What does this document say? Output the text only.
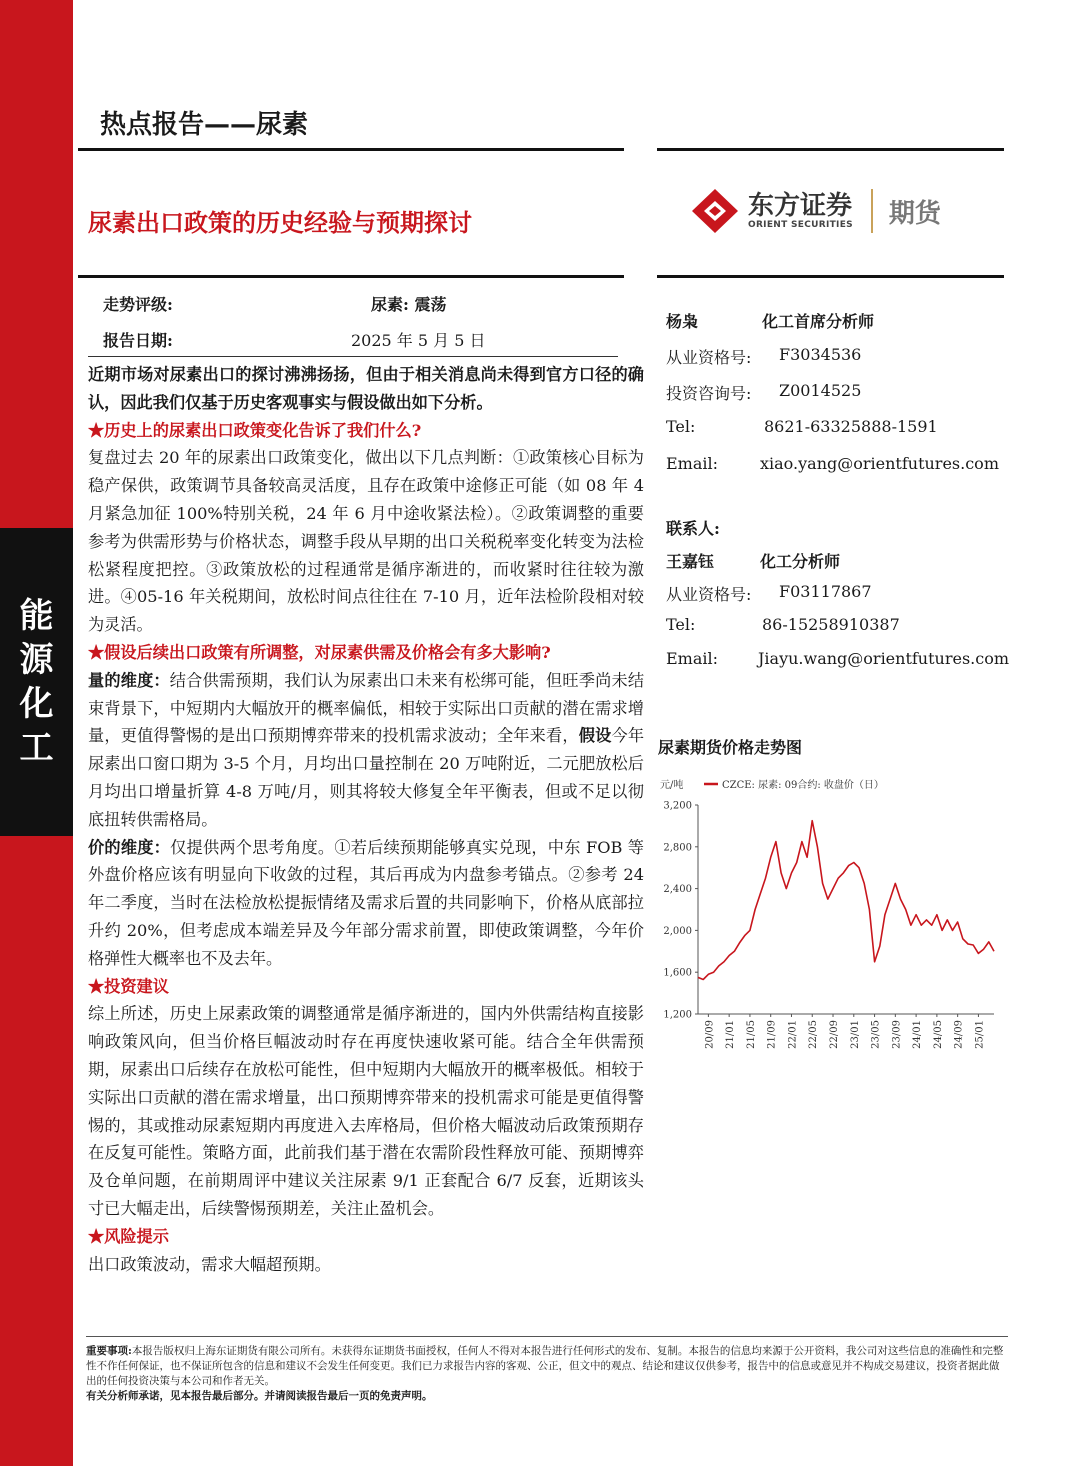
能
源
化
工
热点报告——尿素
尿素出口政策的历史经验与预期探讨
东方证券
ORIENT SECURITIES 期货
走势评级:	尿素: 震荡
报告日期:	2025 年 5 月 5 日

近期市场对尿素出口的探讨沸沸扬扬，但由于相关消息尚未得到官方口径的确认，因此我们仅基于历史客观事实与假设做出如下分析。

★历史上的尿素出口政策变化告诉了我们什么?

复盘过去 20 年的尿素出口政策变化，做出以下几点判断：①政策核心目标为稳产保供，政策调节具备较高灵活度，且存在政策中途修正可能（如 08 年 4 月紧急加征 100%特别关税，24 年 6 月中途收紧法检）。②政策调整的重要参考为供需形势与价格状态，调整手段从早期的出口关税税率变化转变为法检松紧程度把控。③政策放松的过程通常是循序渐进的，而收紧时往往较为激进。④05-16 年关税期间，放松时间点往往在 7-10 月，近年法检阶段相对较为灵活。

★假设后续出口政策有所调整，对尿素供需及价格会有多大影响?

量的维度：结合供需预期，我们认为尿素出口未来有松绑可能，但旺季尚未结束背景下，中短期内大幅放开的概率偏低，相较于实际出口贡献的潜在需求增量，更值得警惕的是出口预期博弈带来的投机需求波动；全年来看，假设今年尿素出口窗口期为 3-5 个月，月均出口量控制在 20 万吨附近，二元肥放松后月均出口增量折算 4-8 万吨/月，则其将较大修复全年平衡表，但或不足以彻底扭转供需格局。

价的维度：仅提供两个思考角度。①若后续预期能够真实兑现，中东 FOB 等外盘价格应该有明显向下收敛的过程，其后再成为内盘参考锚点。②参考 24 年二季度，当时在法检放松提振情绪及需求后置的共同影响下，价格从底部拉升约 20%，但考虑成本端差异及今年部分需求前置，即使政策调整，今年价格弹性大概率也不及去年。

★投资建议

综上所述，历史上尿素政策的调整通常是循序渐进的，国内外供需结构直接影响政策风向，但当价格巨幅波动时存在再度快速收紧可能。结合全年供需预期，尿素出口后续存在放松可能性，但中短期内大幅放开的概率极低。相较于实际出口贡献的潜在需求增量，出口预期博弈带来的投机需求可能是更值得警惕的，其或推动尿素短期内再度进入去库格局，但价格大幅波动后政策预期存在反复可能性。策略方面，此前我们基于潜在农需阶段性释放可能、预期博弈及仓单问题，在前期周评中建议关注尿素 9/1 正套配合 6/7 反套，近期该头寸已大幅走出，后续警惕预期差，关注止盈机会。

★风险提示

出口政策波动，需求大幅超预期。

杨枭	化工首席分析师
从业资格号: F3034536
投资咨询号: Z0014525
Tel:	8621-63325888-1591
Email:	xiao.yang@orientfutures.com
联系人:
王嘉钰	化工分析师
从业资格号: F03117867
Tel:	86-15258910387
Email: Jiayu.wang@orientfutures.com
尿素期货价格走势图
元/吨	CZCE: 尿素: 09合约: 收盘价（日）
1,200
1,600
2,000
2,400
2,800
3,200
20/09 21/01 21/05 21/09 22/01 22/05 22/09 23/01 23/05 23/09 24/01 24/05 24/09 25/01

重要事项:本报告版权归上海东证期货有限公司所有。未获得东证期货书面授权，任何人不得对本报告进行任何形式的发布、复制。本报告的信息均来源于公开资料，我公司对这些信息的准确性和完整性不作任何保证，也不保证所包含的信息和建议不会发生任何变更。我们已力求报告内容的客观、公正，但文中的观点、结论和建议仅供参考，报告中的信息或意见并不构成交易建议，投资者据此做出的任何投资决策与本公司和作者无关。

有关分析师承诺，见本报告最后部分。并请阅读报告最后一页的免责声明。
